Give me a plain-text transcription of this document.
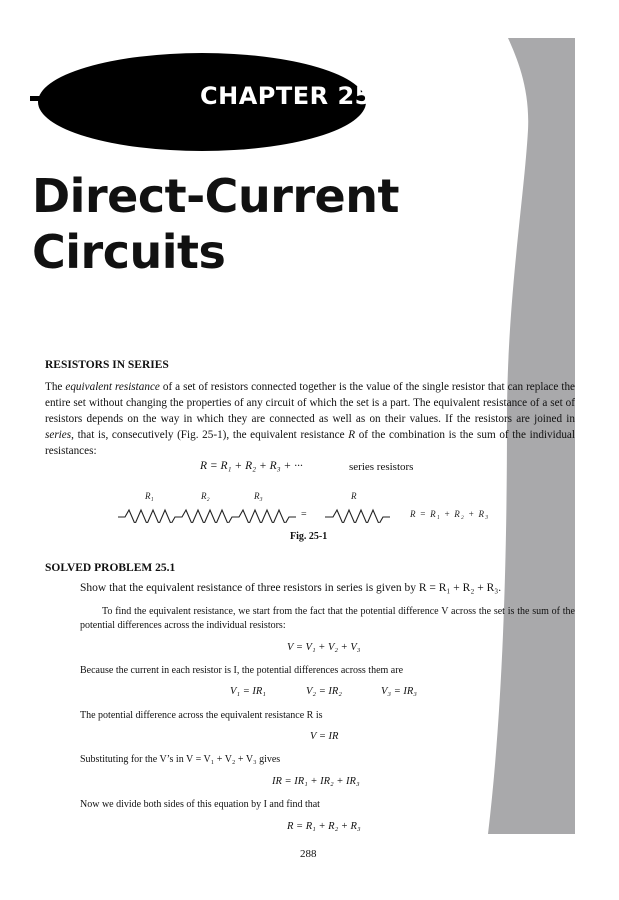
CHAPTER 25
Direct-Current
Circuits
RESISTORS IN SERIES

The equivalent resistance of a set of resistors connected together is the value of the single resistor that can replace the entire set without changing the properties of any circuit of which the set is a part. The equivalent resistance of a set of resistors depends on the way in which they are connected as well as on their values. If the resistors are joined in series, that is, consecutively (Fig. 25-1), the equivalent resistance R of the combination is the sum of the individual resistances:

R = R₁ + R₂ + R₃ + ···	series resistors
R₁	R₂	R₃	R
R = R₁ + R₂ + R₃
=
Fig. 25-1
SOLVED PROBLEM 25.1
Show that the equivalent resistance of three resistors in series is given by R = R₁ + R₂ + R₃.

To find the equivalent resistance, we start from the fact that the potential difference V across the set is the sum of the potential differences across the individual resistors:

V = V₁ + V₂ + V₃

Because the current in each resistor is I, the potential differences across them are

V₁ = IR₁	V₂ = IR₂	V₃ = IR₃

The potential difference across the equivalent resistance R is

V = IR

Substituting for the V’s in V = V₁ + V₂ + V₃ gives

IR = IR₁ + IR₂ + IR₃

Now we divide both sides of this equation by I and find that

R = R₁ + R₂ + R₃
288
